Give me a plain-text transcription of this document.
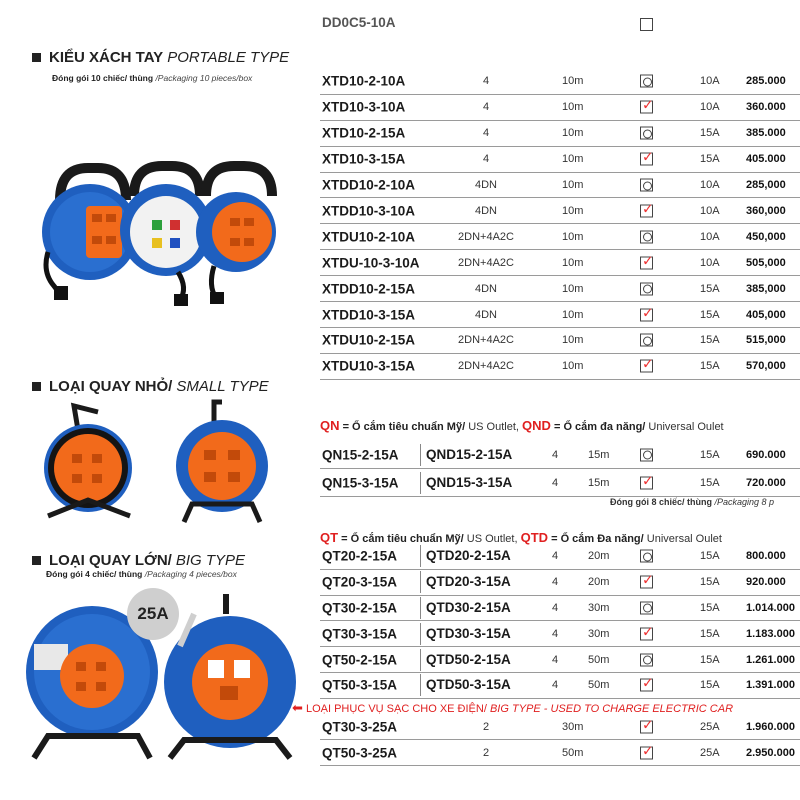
DD0C5-10A
KIỂU XÁCH TAY PORTABLE TYPE
Đóng gói 10 chiếc/ thùng /Packaging 10 pieces/box	XTD10-2-10A	4	10m	10A 285.000
XTD10-3-10A	4	10m ✓	10A 360.000
XTD10-2-15A	4	10m	15A 385.000
XTD10-3-15A	4	10m ✓	15A 405.000
XTDD10-2-10A	4DN	10m	10A 285,000
XTDD10-3-10A	4DN	10m ✓	10A 360,000
XTDU10-2-10A	2DN+4A2C	10m	10A 450,000
XTDU-10-3-10A	2DN+4A2C	10m ✓	10A 505,000
XTDD10-2-15A	4DN	10m	15A 385,000
XTDD10-3-15A	4DN	10m ✓	15A 405,000
XTDU10-2-15A	2DN+4A2C	10m	15A 515,000
XTDU10-3-15A	2DN+4A2C	10m ✓	15A 570,000
LOẠI QUAY NHỎ/ SMALL TYPE
QN = Ổ cắm tiêu chuẩn Mỹ/ US Outlet, QND = Ổ cắm đa năng/ Universal Oulet
QN15-2-15A	QND15-2-15A	4	15m	15A 690.000
QN15-3-15A	QND15-3-15A	4	15m ✓	15A 720.000
Đóng gói 8 chiếc/ thùng /Packaging 8 p
LOẠI QUAY LỚN/ BIG TYPE
Đóng gói 4 chiếc/ thùng /Packaging 4 pieces/box
25A
QT = Ổ cắm tiêu chuẩn Mỹ/ US Outlet, QTD = Ổ cắm Đa năng/ Universal Oulet
QT20-2-15A	QTD20-2-15A	4	20m	15A 800.000
QT20-3-15A	QTD20-3-15A	4	20m ✓	15A 920.000
QT30-2-15A	QTD30-2-15A	4	30m	15A 1.014.000
QT30-3-15A	QTD30-3-15A	4	30m ✓	15A 1.183.000
QT50-2-15A	QTD50-2-15A	4	50m	15A 1.261.000
QT50-3-15A	QTD50-3-15A	4	50m ✓	15A 1.391.000
⬅ LOẠI PHỤC VỤ SẠC CHO XE ĐIỆN/ BIG TYPE - USED TO CHARGE ELECTRIC CAR
QT30-3-25A	2	30m ✓	25A 1.960.000
QT50-3-25A	2	50m ✓	25A 2.950.000
